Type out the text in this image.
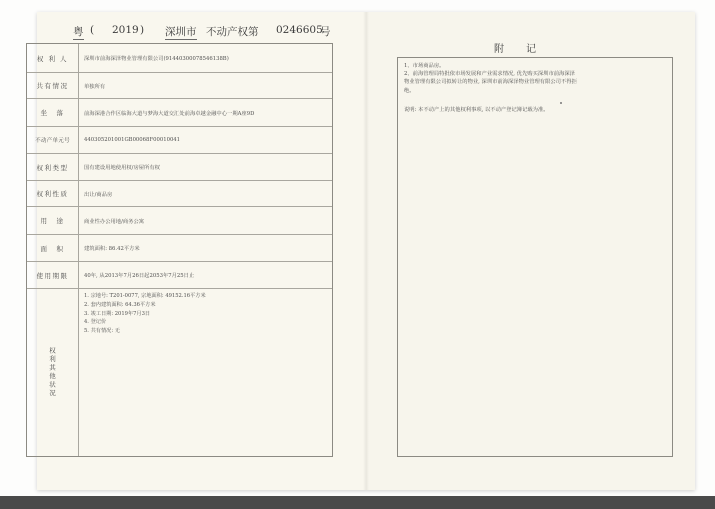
粤 ( 2019 ) 深圳市 不动产权第 0246605
号
权 利 人	深圳市前海深泽物业管理有限公司(91440300078546138B)
共有情况	单独所有
坐　落	前海深港合作区临海大道与梦海大道交汇处前海卓越金融中心一期A座9D
不动产单元号	440305201001GB00068F00010041
权利类型	国有建设用地使用权/房屋所有权
权利性质	出让/商品房
用　途	商业性办公用地/商务公寓
面　积	建筑面积: 86.42平方米
使用期限	40年, 从2013年7月26日起2053年7月25日止
权利其他状况
1. 宗地号: T201-0077, 宗地面积: 49152.16平方米
2. 套内建筑面积: 64.36平方米
3. 竣工日期: 2019年7月3日
4. 登记价
5. 共有情况: 无
附记
1、市场商品房。
2、前海管理局特批依市场发展和产业需求情况, 优先购买深圳市前海深泽
物业管理有限公司拟转让的物业, 深圳市前海深泽物业管理有限公司不得拒
绝。
说明: 本不动产上的其他权利事项, 以不动产登记簿记载为准。
